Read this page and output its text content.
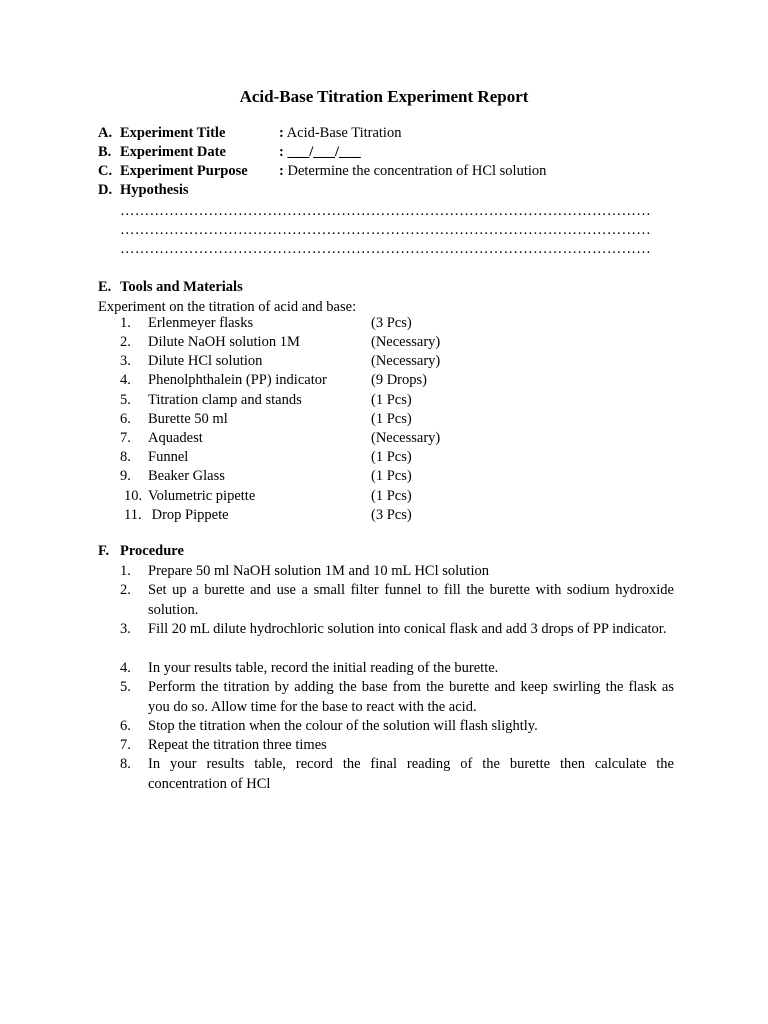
Acid-Base Titration Experiment Report
A. Experiment Title	: Acid-Base Titration
B. Experiment Date	: ___/___/___
C. Experiment Purpose : Determine the concentration of HCl solution
D. Hypothesis
………………………………………………………………………………………………
………………………………………………………………………………………………
………………………………………………………………………………………………
E. Tools and Materials
Experiment on the titration of acid and base:
1. Erlenmeyer flasks	(3 Pcs)
2. Dilute NaOH solution 1M	(Necessary)
3. Dilute HCl solution	(Necessary)
4. Phenolphthalein (PP) indicator	(9 Drops)
5. Titration clamp and stands	(1 Pcs)
6. Burette 50 ml	(1 Pcs)
7. Aquadest	(Necessary)
8. Funnel	(1 Pcs)
9. Beaker Glass	(1 Pcs)
10. Volumetric pipette	(1 Pcs)
11. Drop Pippete	(3 Pcs)
F. Procedure
1. Prepare 50 ml NaOH solution 1M and 10 mL HCl solution
2. Set up a burette and use a small filter funnel to fill the burette with sodium hydroxide solution.
3. Fill 20 mL dilute hydrochloric solution into conical flask and add 3 drops of PP indicator.
4. In your results table, record the initial reading of the burette.
5. Perform the titration by adding the base from the burette and keep swirling the flask as you do so. Allow time for the base to react with the acid.
6. Stop the titration when the colour of the solution will flash slightly.
7. Repeat the titration three times
8. In your results table, record the final reading of the burette then calculate the concentration of HCl
